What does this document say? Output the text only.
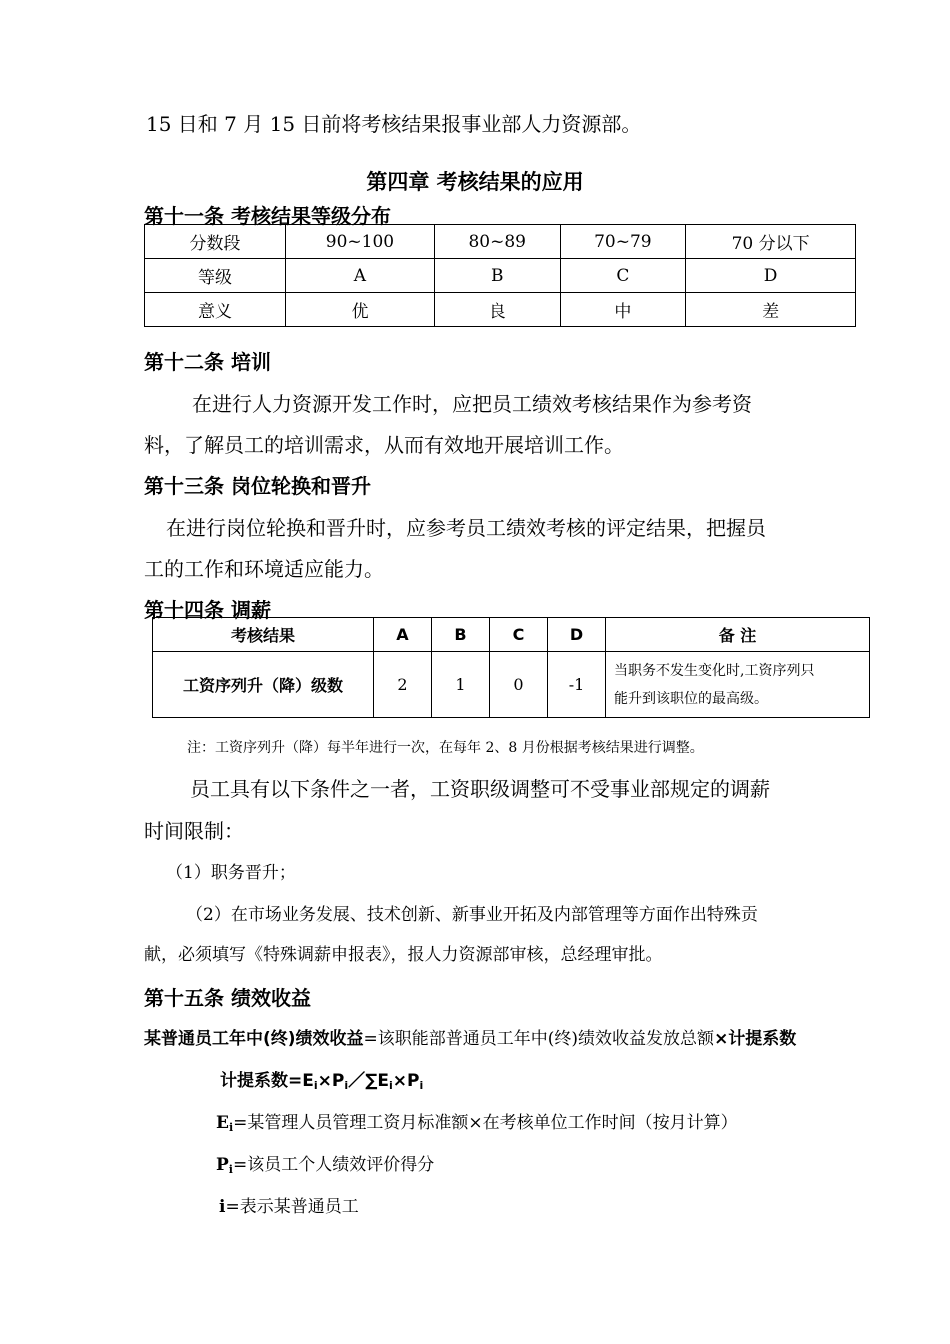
15 日和 7 月 15 日前将考核结果报事业部人力资源部。
第四章 考核结果的应用
第十一条 考核结果等级分布
分数段	90~100	80~89	70~79	70 分以下
等级	A	B	C	D
意义	优	良	中	差
第十二条 培训
在进行人力资源开发工作时，应把员工绩效考核结果作为参考资
料，了解员工的培训需求，从而有效地开展培训工作。
第十三条 岗位轮换和晋升
在进行岗位轮换和晋升时，应参考员工绩效考核的评定结果，把握员
工的工作和环境适应能力。
第十四条 调薪
考核结果	A	B	C	D	备 注
工资序列升（降）级数	2	1	0	-1	当职务不发生变化时,工资序列只
能升到该职位的最高级。
注：工资序列升（降）每半年进行一次，在每年 2、8 月份根据考核结果进行调整。
员工具有以下条件之一者，工资职级调整可不受事业部规定的调薪
时间限制：
（1）职务晋升；
（2）在市场业务发展、技术创新、新事业开拓及内部管理等方面作出特殊贡
献，必须填写《特殊调薪申报表》，报人力资源部审核，总经理审批。
第十五条 绩效收益
某普通员工年中(终)绩效收益=该职能部普通员工年中(终)绩效收益发放总额×计提系数
计提系数$=E_i\times P_i/\sum E_i\times P_i$
$E_i=$某管理人员管理工资月标准额×在考核单位工作时间（按月计算）
$P_i=$该员工个人绩效评价得分
i=表示某普通员工
